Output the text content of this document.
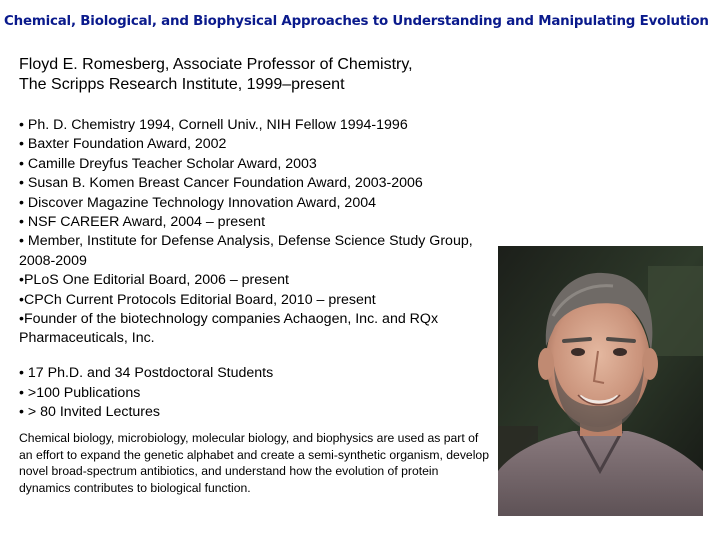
Chemical, Biological, and Biophysical Approaches to Understanding and Manipulating Evolution
Floyd E. Romesberg, Associate Professor of Chemistry,
The Scripps Research Institute, 1999–present
• Ph. D. Chemistry 1994, Cornell Univ., NIH Fellow 1994-1996
• Baxter Foundation Award, 2002
• Camille Dreyfus Teacher Scholar Award, 2003
• Susan B. Komen Breast Cancer Foundation Award, 2003-2006
• Discover Magazine Technology Innovation Award, 2004
• NSF CAREER Award, 2004 – present
• Member, Institute for Defense Analysis, Defense Science Study Group, 2008-2009
•PLoS One Editorial Board, 2006 – present
•CPCh Current Protocols Editorial Board, 2010 – present
•Founder of the biotechnology companies Achaogen, Inc. and RQx Pharmaceuticals, Inc.
• 17 Ph.D. and 34 Postdoctoral Students
• >100 Publications
• > 80 Invited Lectures
Chemical biology, microbiology, molecular biology, and biophysics are used as part of an effort to expand the genetic alphabet and create a semi-synthetic organism, develop novel broad-spectrum antibiotics, and understand how the evolution of protein dynamics contributes to biological function.
